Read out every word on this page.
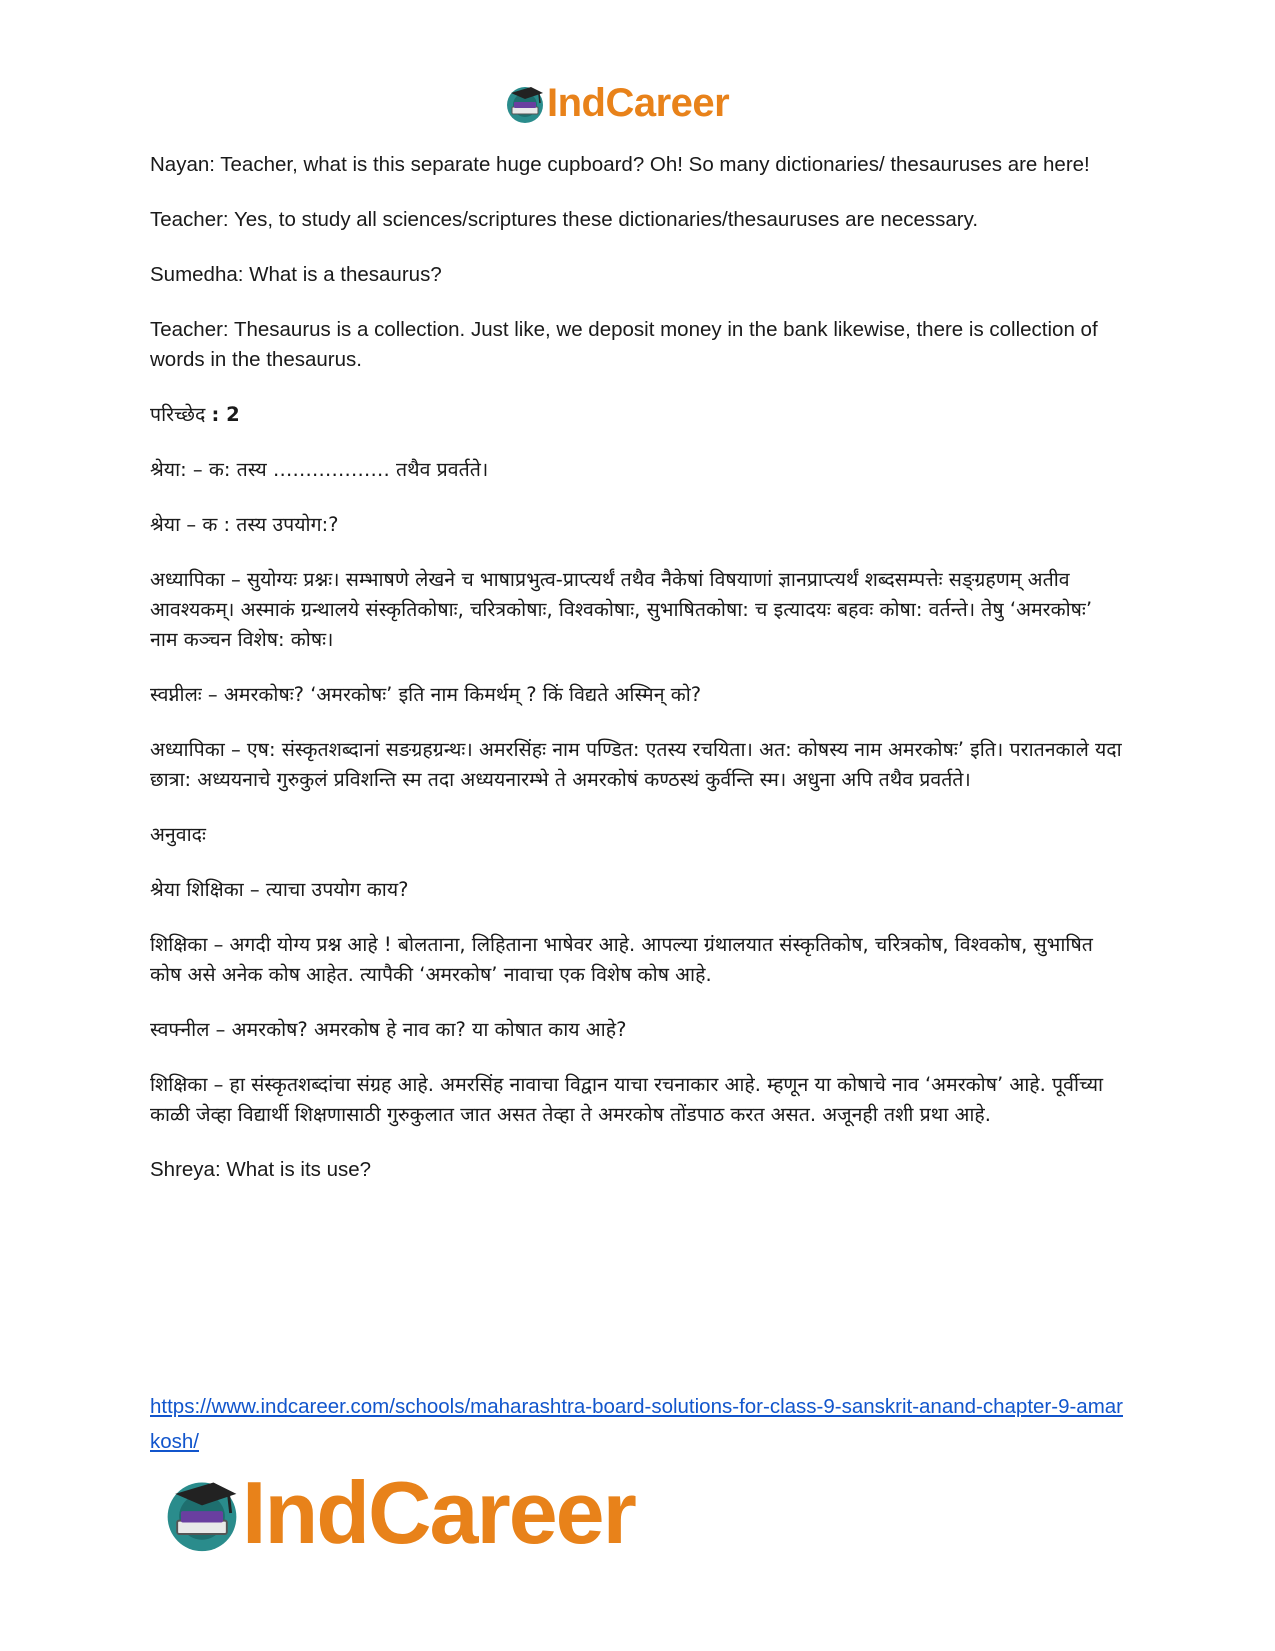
IndCareer

Nayan: Teacher, what is this separate huge cupboard? Oh! So many dictionaries/ thesauruses are here!

Teacher: Yes, to study all sciences/scriptures these dictionaries/thesauruses are necessary.

Sumedha: What is a thesaurus?

Teacher: Thesaurus is a collection. Just like, we deposit money in the bank likewise, there is collection of words in the thesaurus.

परिच्छेद : 2

श्रेया: – क: तस्य ……………… तथैव प्रवर्तते।

श्रेया – क : तस्य उपयोग:?

अध्यापिका – सुयोग्यः प्रश्नः। सम्भाषणे लेखने च भाषाप्रभुत्व-प्राप्त्यर्थं तथैव नैकेषां विषयाणां ज्ञानप्राप्त्यर्थं शब्दसम्पत्तेः सङ्ग्रहणम् अतीव आवश्यकम्। अस्माकं ग्रन्थालये संस्कृतिकोषाः, चरित्रकोषाः, विश्वकोषाः, सुभाषितकोषा: च इत्यादयः बहवः कोषा: वर्तन्ते। तेषु ‘अमरकोषः’ नाम कञ्चन विशेष: कोषः।

स्वप्नीलः – अमरकोषः? ‘अमरकोषः’ इति नाम किमर्थम् ? किं विद्यते अस्मिन् को?

अध्यापिका – एष: संस्कृतशब्दानां सङग्रहग्रन्थः। अमरसिंहः नाम पण्डित: एतस्य रचयिता। अत: कोषस्य नाम अमरकोषः’ इति। परातनकाले यदा छात्रा: अध्ययनाचे गुरुकुलं प्रविशन्ति स्म तदा अध्ययनारम्भे ते अमरकोषं कण्ठस्थं कुर्वन्ति स्म। अधुना अपि तथैव प्रवर्तते।

अनुवादः

श्रेया शिक्षिका – त्याचा उपयोग काय?

शिक्षिका – अगदी योग्य प्रश्न आहे ! बोलताना, लिहिताना भाषेवर आहे. आपल्या ग्रंथालयात संस्कृतिकोष, चरित्रकोष, विश्वकोष, सुभाषित कोष असे अनेक कोष आहेत. त्यापैकी ‘अमरकोष’ नावाचा एक विशेष कोष आहे.

स्वफ्नील – अमरकोष? अमरकोष हे नाव का? या कोषात काय आहे?

शिक्षिका – हा संस्कृतशब्दांचा संग्रह आहे. अमरसिंह नावाचा विद्वान याचा रचनाकार आहे. म्हणून या कोषाचे नाव ‘अमरकोष’ आहे. पूर्वीच्या काळी जेव्हा विद्यार्थी शिक्षणासाठी गुरुकुलात जात असत तेव्हा ते अमरकोष तोंडपाठ करत असत. अजूनही तशी प्रथा आहे.

Shreya: What is its use?

https://www.indcareer.com/schools/maharashtra-board-solutions-for-class-9-sanskrit-anand-chapter-9-amarkosh/
IndCareer
